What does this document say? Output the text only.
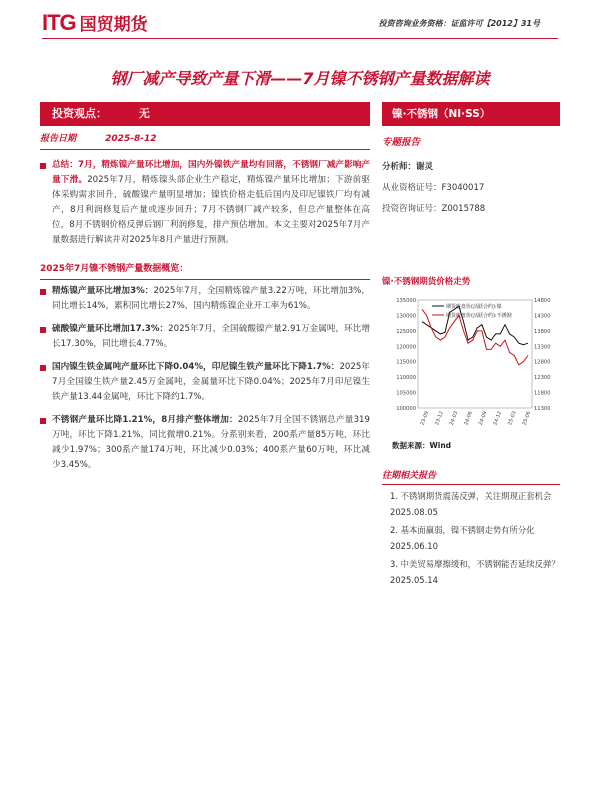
ITG 国贸期货	投资咨询业务资格：证监许可【2012】31号
钢厂减产导致产量下滑——7月镍不锈钢产量数据解读
投资观点：	无
报告日期	2025-8-12
镍·不锈钢（NI·SS）
专题报告
分析师：谢灵
从业资格证号：F3040017
投资咨询证号：Z0015788
总结：7月，精炼镍产量环比增加，国内外镍铁产量均有回落，不锈钢厂减产影响产量下滑。2025年7月，精炼镍头部企业生产稳定，精炼镍产量环比增加；下游前驱体采购需求回升，硫酸镍产量明显增加；镍铁价格走低后国内及印尼镍铁厂均有减产，8月利润修复后产量或逐步回升；7月不锈钢厂减产较多，但总产量整体在高位，8月不锈钢价格反弹后钢厂利润修复，排产预估增加。本文主要对2025年7月产量数据进行解读并对2025年8月产量进行预测。
2025年7月镍不锈钢产量数据概览：
精炼镍产量环比增加3%：2025年7月，全国精炼镍产量3.22万吨，环比增加3%，同比增长14%，累积同比增长27%，国内精炼镍企业开工率为61%。
硫酸镍产量环比增加17.3%：2025年7月，全国硫酸镍产量2.91万金属吨，环比增长17.30%，同比增长4.77%。
国内镍生铁金属吨产量环比下降0.04%，印尼镍生铁产量环比下降1.7%：2025年7月全国镍生铁产量2.45万金属吨，金属量环比下降0.04%；2025年7月印尼镍生铁产量13.44金属吨，环比下降约1.7%。
不锈钢产量环比降1.21%，8月排产整体增加：2025年7月全国不锈钢总产量319万吨，环比下降1.21%，同比微增0.21%。分系别来看，200系产量85万吨，环比减少1.97%；300系产量174万吨，环比减少0.03%；400系产量60万吨，环比减少3.45%。
镍·不锈钢期货价格走势
135000
130000
125000
120000
115000
110000
105000
100000
14800
14300
13800
13300
12800
12300
11800
11300
23-09 23-12 24-03 24-06 24-09 24-12 25-03 25-06
期货收盘价(活跃合约):镍
期货收盘价(活跃合约):不锈钢
数据来源：Wind
往期相关报告
1. 不锈钢期货震荡反弹，关注期现正套机会 2025.08.05
2. 基本面羸弱，镍不锈钢走势有所分化 2025.06.10
3. 中美贸易摩擦缓和，不锈钢能否延续反弹？2025.05.14
